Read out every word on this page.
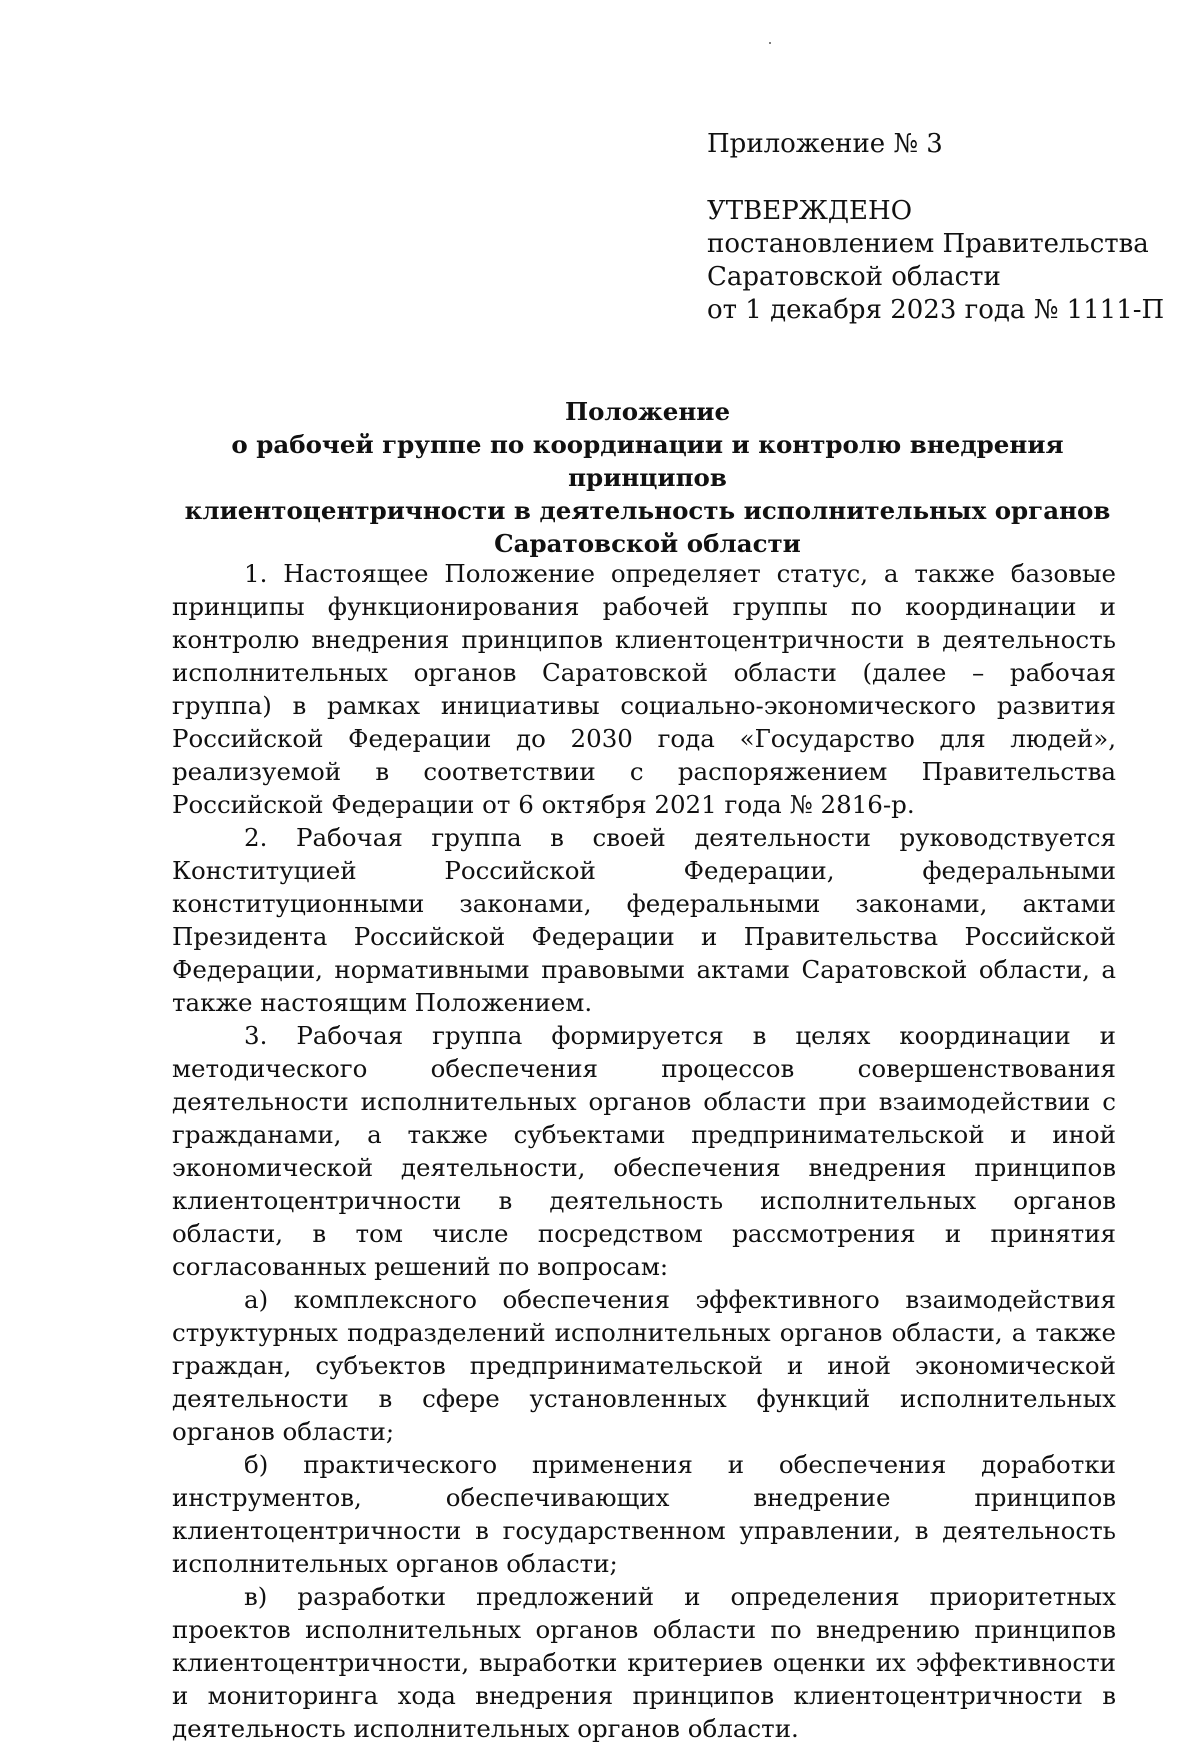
Приложение № 3
УТВЕРЖДЕНО
постановлением Правительства
Саратовской области
от 1 декабря 2023 года № 1111-П
Положение
о рабочей группе по координации и контролю внедрения принципов
клиентоцентричности в деятельность исполнительных органов
Саратовской области

1. Настоящее Положение определяет статус, а также базовые принципы функционирования рабочей группы по координации и контролю внедрения принципов клиентоцентричности в деятельность исполнительных органов Саратовской области (далее – рабочая группа) в рамках инициативы социально-экономического развития Российской Федерации до 2030 года «Государство для людей», реализуемой в соответствии с распоряжением Правительства Российской Федерации от 6 октября 2021 года № 2816-р.

2. Рабочая группа в своей деятельности руководствуется Конституцией Российской Федерации, федеральными конституционными законами, федеральными законами, актами Президента Российской Федерации и Правительства Российской Федерации, нормативными правовыми актами Саратовской области, а также настоящим Положением.

3. Рабочая группа формируется в целях координации и методического обеспечения процессов совершенствования деятельности исполнительных органов области при взаимодействии с гражданами, а также субъектами предпринимательской и иной экономической деятельности, обеспечения внедрения принципов клиентоцентричности в деятельность исполнительных органов области, в том числе посредством рассмотрения и принятия согласованных решений по вопросам:

а) комплексного обеспечения эффективного взаимодействия структурных подразделений исполнительных органов области, а также граждан, субъектов предпринимательской и иной экономической деятельности в сфере установленных функций исполнительных органов области;

б) практического применения и обеспечения доработки инструментов, обеспечивающих внедрение принципов клиентоцентричности в государственном управлении, в деятельность исполнительных органов области;

в) разработки предложений и определения приоритетных проектов исполнительных органов области по внедрению принципов клиентоцентричности, выработки критериев оценки их эффективности и мониторинга хода внедрения принципов клиентоцентричности в деятельность исполнительных органов области.
